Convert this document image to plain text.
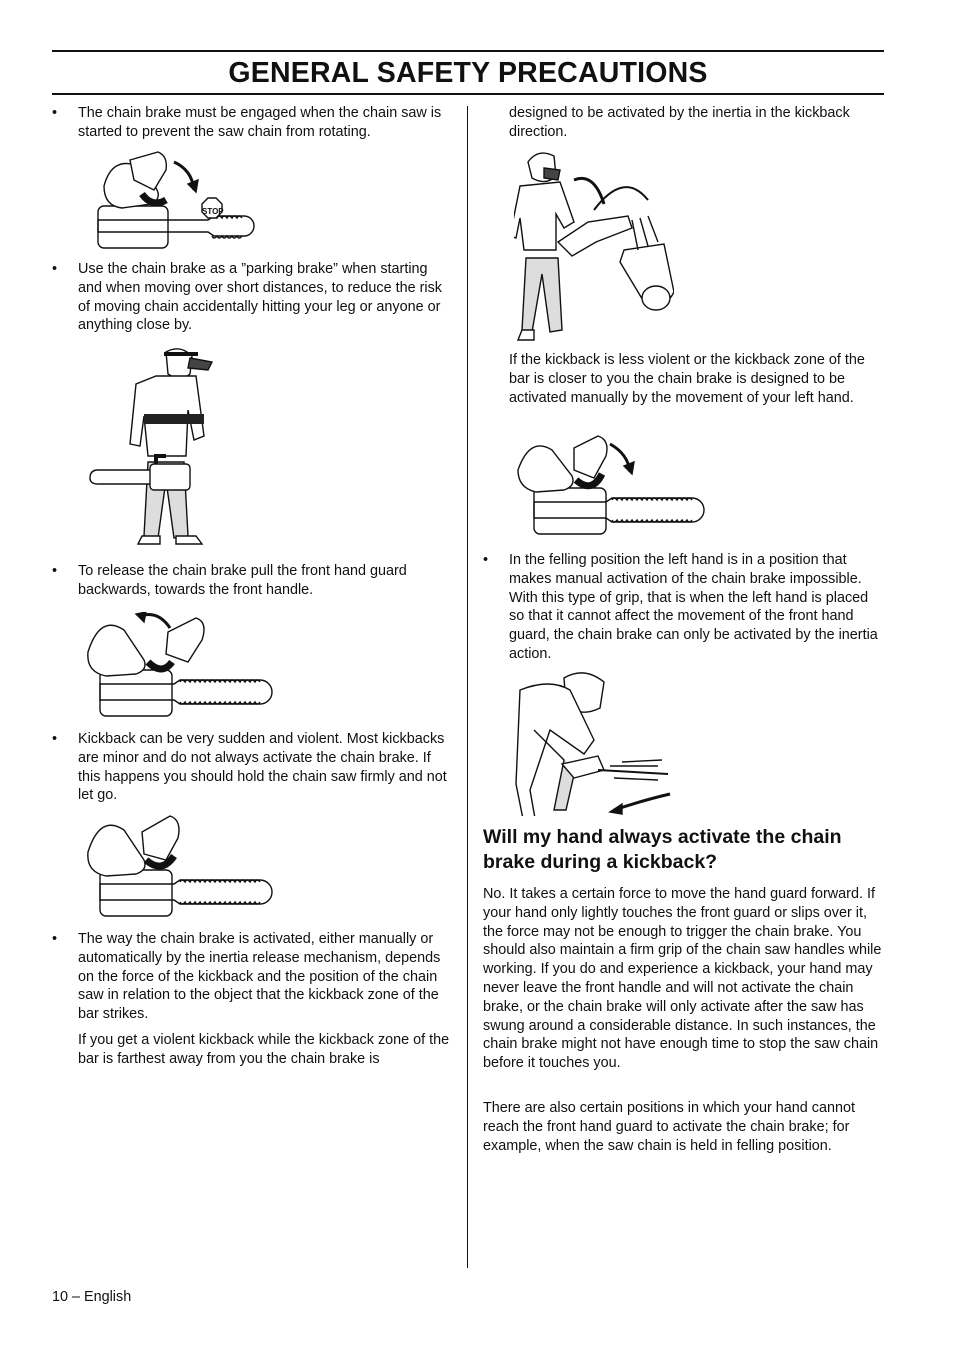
GENERAL SAFETY PRECAUTIONS
• The chain brake must be engaged when the chain saw is started to prevent the saw chain from rotating.

STOP
• Use the chain brake as a ”parking brake” when starting and when moving over short distances, to reduce the risk of moving chain accidentally hitting your leg or anyone or anything close by.

• To release the chain brake pull the front hand guard backwards, towards the front handle.

• Kickback can be very sudden and violent. Most kickbacks are minor and do not always activate the chain brake. If this happens you should hold the chain saw firmly and not let go.

• The way the chain brake is activated, either manually or automatically by the inertia release mechanism, depends on the force of the kickback and the position of the chain saw in relation to the object that the kickback zone of the bar strikes.

If you get a violent kickback while the kickback zone of the bar is farthest away from you the chain brake is

designed to be activated by the inertia in the kickback direction.

If the kickback is less violent or the kickback zone of the bar is closer to you the chain brake is designed to be activated manually by the movement of your left hand.

• In the felling position the left hand is in a position that makes manual activation of the chain brake impossible. With this type of grip, that is when the left hand is placed so that it cannot affect the movement of the front hand guard, the chain brake can only be activated by the inertia action.

Will my hand always activate the chain brake during a kickback?

No. It takes a certain force to move the hand guard forward. If your hand only lightly touches the front guard or slips over it, the force may not be enough to trigger the chain brake. You should also maintain a firm grip of the chain saw handles while working. If you do and experience a kickback, your hand may never leave the front handle and will not activate the chain brake, or the chain brake will only activate after the saw has swung around a considerable distance. In such instances, the chain brake might not have enough time to stop the saw chain before it touches you.

There are also certain positions in which your hand cannot reach the front hand guard to activate the chain brake; for example, when the saw chain is held in felling position.

10 – English
